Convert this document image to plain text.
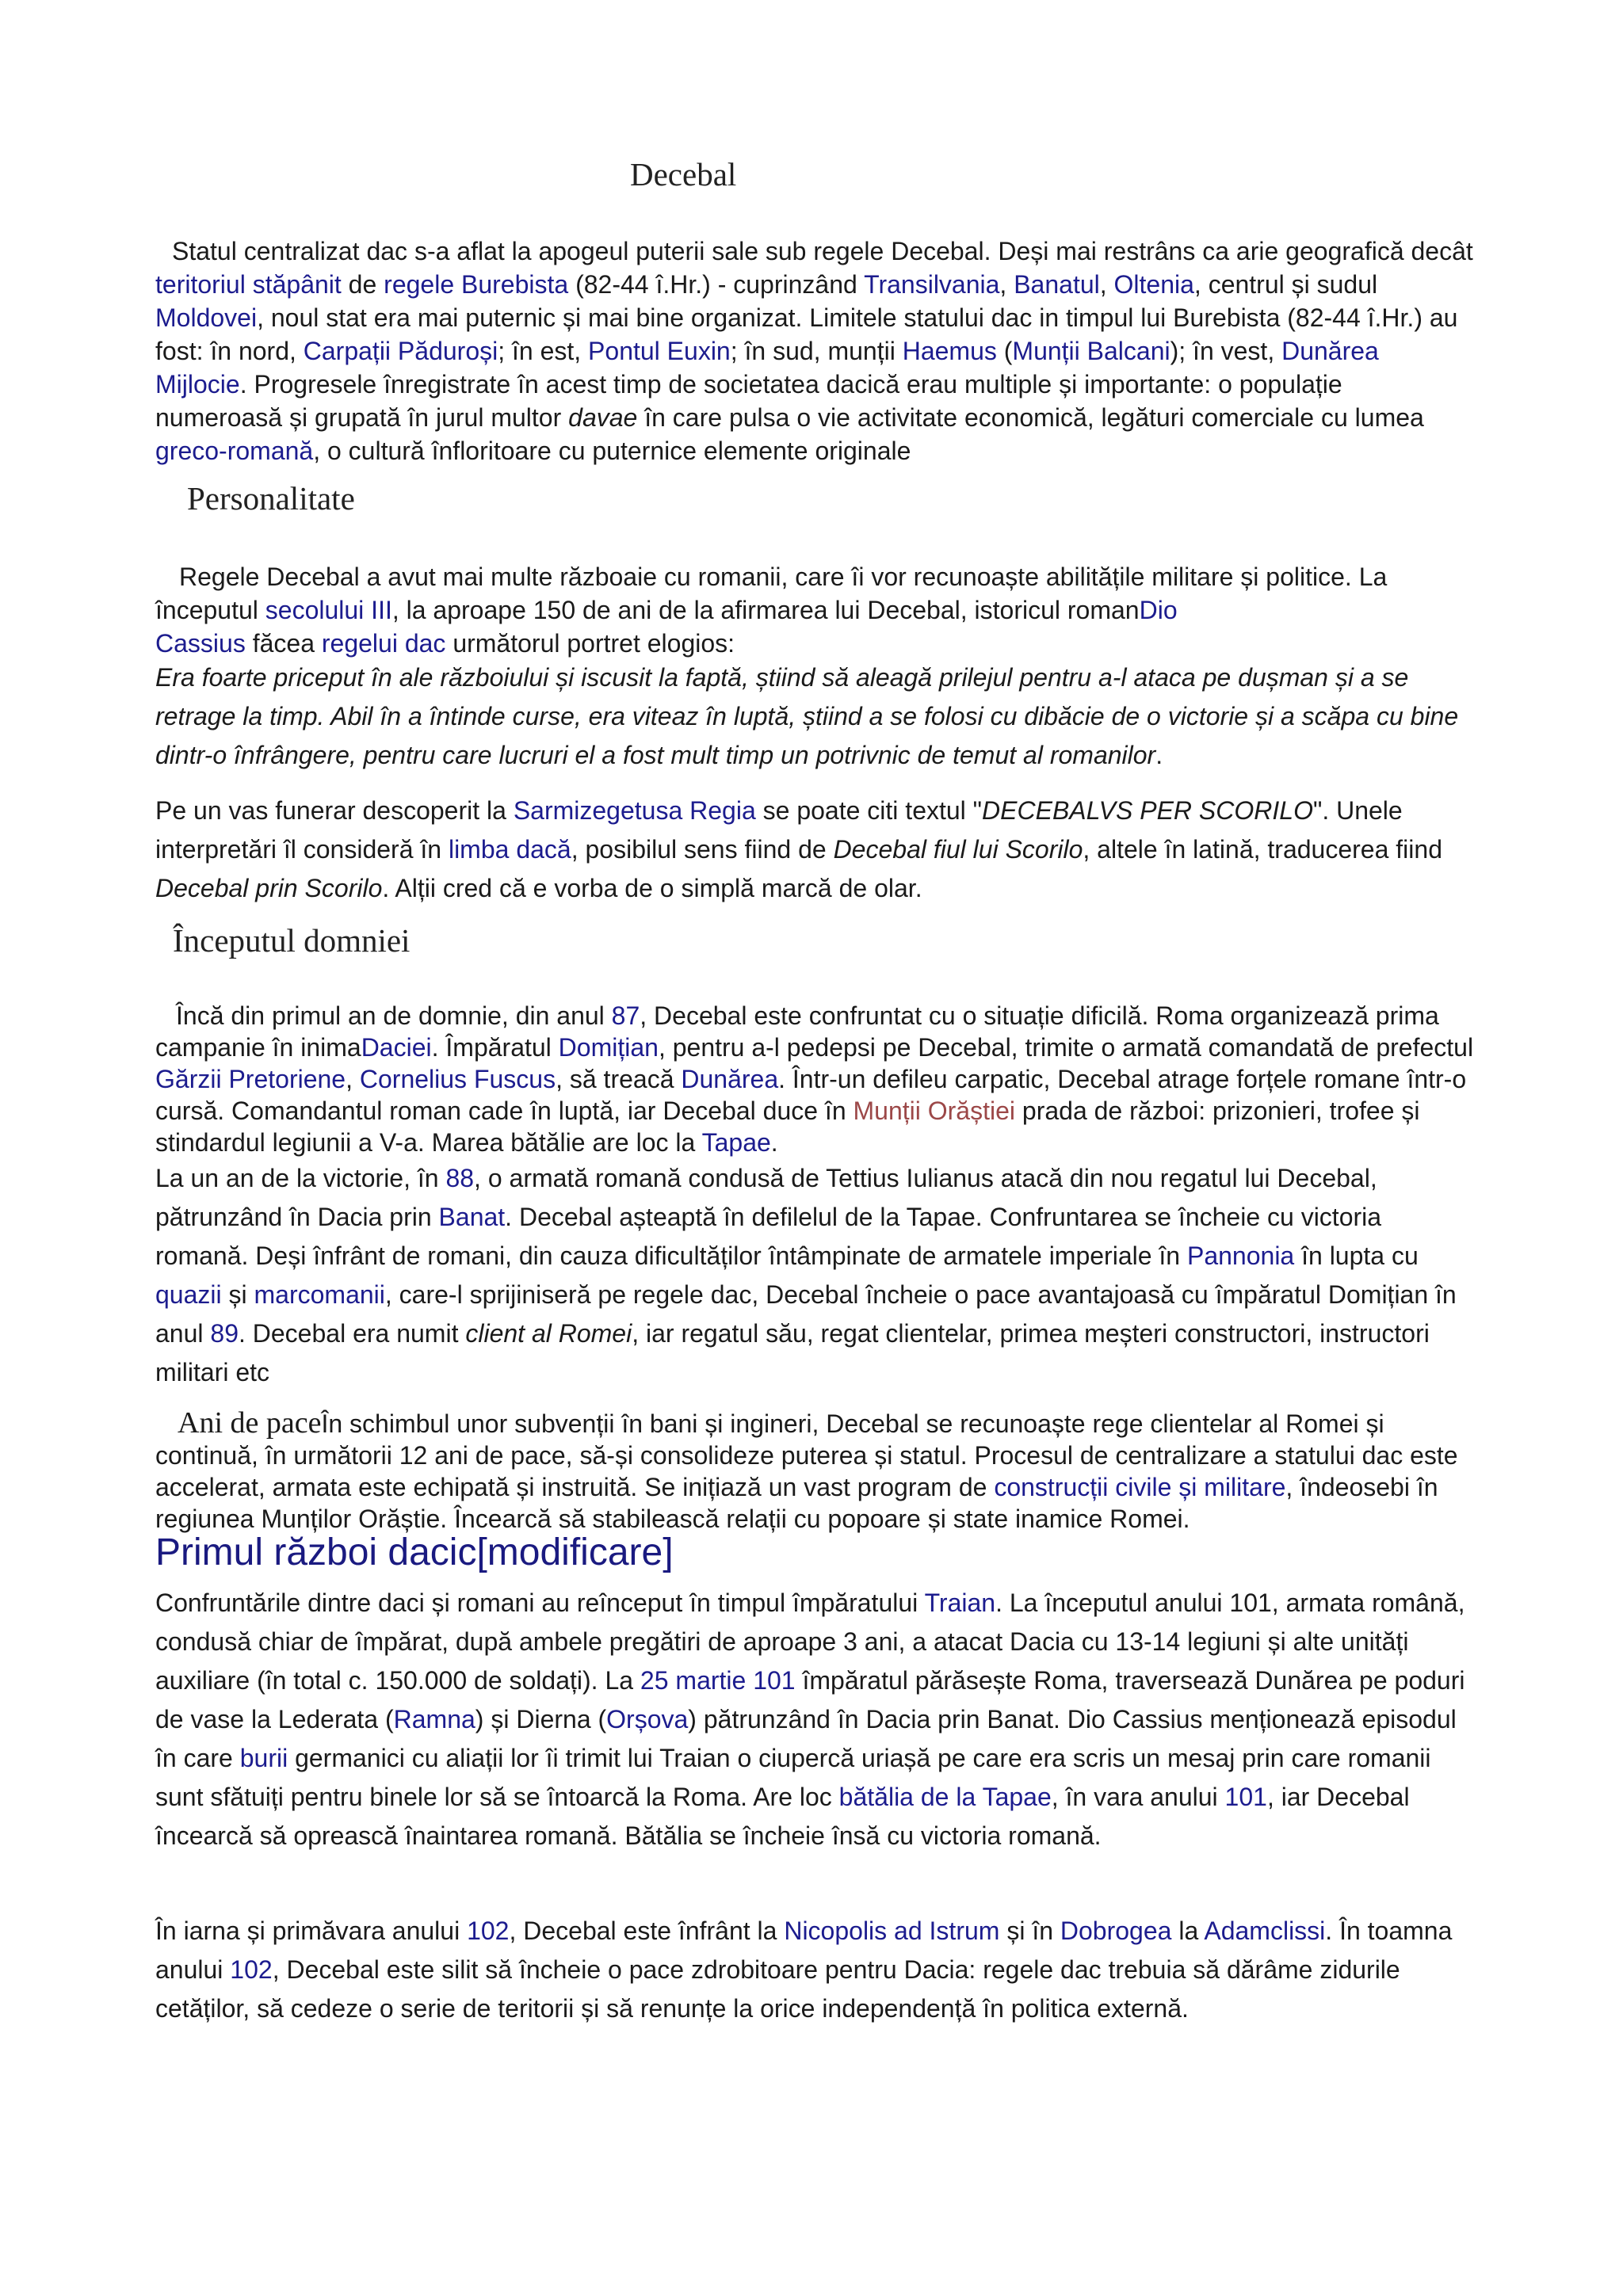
Decebal
Statul centralizat dac s-a aflat la apogeul puterii sale sub regele Decebal. Deși mai restrâns ca arie geografică decât teritoriul stăpânit de regele Burebista (82-44 î.Hr.) - cuprinzând Transilvania, Banatul, Oltenia, centrul și sudul Moldovei, noul stat era mai puternic și mai bine organizat. Limitele statului dac in timpul lui Burebista (82-44 î.Hr.) au fost: în nord, Carpații Păduroși; în est, Pontul Euxin; în sud, munții Haemus (Munții Balcani); în vest, Dunărea Mijlocie. Progresele înregistrate în acest timp de societatea dacică erau multiple și importante: o populație numeroasă și grupată în jurul multor davae în care pulsa o vie activitate economică, legături comerciale cu lumea greco-romană, o cultură înfloritoare cu puternice elemente originale
Personalitate
Regele Decebal a avut mai multe războaie cu romanii, care îi vor recunoaște abilitățile militare și politice. La începutul secolului III, la aproape 150 de ani de la afirmarea lui Decebal, istoricul romanDio
Cassius făcea regelui dac următorul portret elogios:
Era foarte priceput în ale războiului și iscusit la faptă, știind să aleagă prilejul pentru a-l ataca pe dușman și a se retrage la timp. Abil în a întinde curse, era viteaz în luptă, știind a se folosi cu dibăcie de o victorie și a scăpa cu bine dintr-o înfrângere, pentru care lucruri el a fost mult timp un potrivnic de temut al romanilor.
Pe un vas funerar descoperit la Sarmizegetusa Regia se poate citi textul "DECEBALVS PER SCORILO". Unele interpretări îl consideră în limba dacă, posibilul sens fiind de Decebal fiul lui Scorilo, altele în latină, traducerea fiind Decebal prin Scorilo. Alții cred că e vorba de o simplă marcă de olar.
Începutul domniei
Încă din primul an de domnie, din anul 87, Decebal este confruntat cu o situație dificilă. Roma organizează prima campanie în inimaDaciei. Împăratul Domițian, pentru a-l pedepsi pe Decebal, trimite o armată comandată de prefectul Gărzii Pretoriene, Cornelius Fuscus, să treacă Dunărea. Într-un defileu carpatic, Decebal atrage forțele romane într-o cursă. Comandantul roman cade în luptă, iar Decebal duce în Munții Orăștiei prada de război: prizonieri, trofee și stindardul legiunii a V-a. Marea bătălie are loc la Tapae.
La un an de la victorie, în 88, o armată romană condusă de Tettius Iulianus atacă din nou regatul lui Decebal, pătrunzând în Dacia prin Banat. Decebal așteaptă în defilelul de la Tapae. Confruntarea se încheie cu victoria romană. Deși înfrânt de romani, din cauza dificultăților întâmpinate de armatele imperiale în Pannonia în lupta cu quazii și marcomanii, care-l sprijiniseră pe regele dac, Decebal încheie o pace avantajoasă cu împăratul Domițian în anul 89. Decebal era numit client al Romei, iar regatul său, regat clientelar, primea meșteri constructori, instructori militari etc
Ani de paceÎn schimbul unor subvenții în bani și ingineri, Decebal se recunoaște rege clientelar al Romei și continuă, în următorii 12 ani de pace, să-și consolideze puterea și statul. Procesul de centralizare a statului dac este accelerat, armata este echipată și instruită. Se inițiază un vast program de construcții civile și militare, îndeosebi în regiunea Munților Orăștie. Încearcă să stabilească relații cu popoare și state inamice Romei.
Primul război dacic[modificare]
Confruntările dintre daci și romani au reînceput în timpul împăratului Traian. La începutul anului 101, armata română, condusă chiar de împărat, după ambele pregătiri de aproape 3 ani, a atacat Dacia cu 13-14 legiuni și alte unități auxiliare (în total c. 150.000 de soldați). La 25 martie 101 împăratul părăsește Roma, traversează Dunărea pe poduri de vase la Lederata (Ramna) și Dierna (Orșova) pătrunzând în Dacia prin Banat. Dio Cassius menționează episodul în care burii germanici cu aliații lor îi trimit lui Traian o ciupercă uriașă pe care era scris un mesaj prin care romanii sunt sfătuiți pentru binele lor să se întoarcă la Roma. Are loc bătălia de la Tapae, în vara anului 101, iar Decebal încearcă să oprească înaintarea romană. Bătălia se încheie însă cu victoria romană.
În iarna și primăvara anului 102, Decebal este înfrânt la Nicopolis ad Istrum și în Dobrogea la Adamclissi. În toamna anului 102, Decebal este silit să încheie o pace zdrobitoare pentru Dacia: regele dac trebuia să dărâme zidurile cetăților, să cedeze o serie de teritorii și să renunțe la orice independență în politica externă.
